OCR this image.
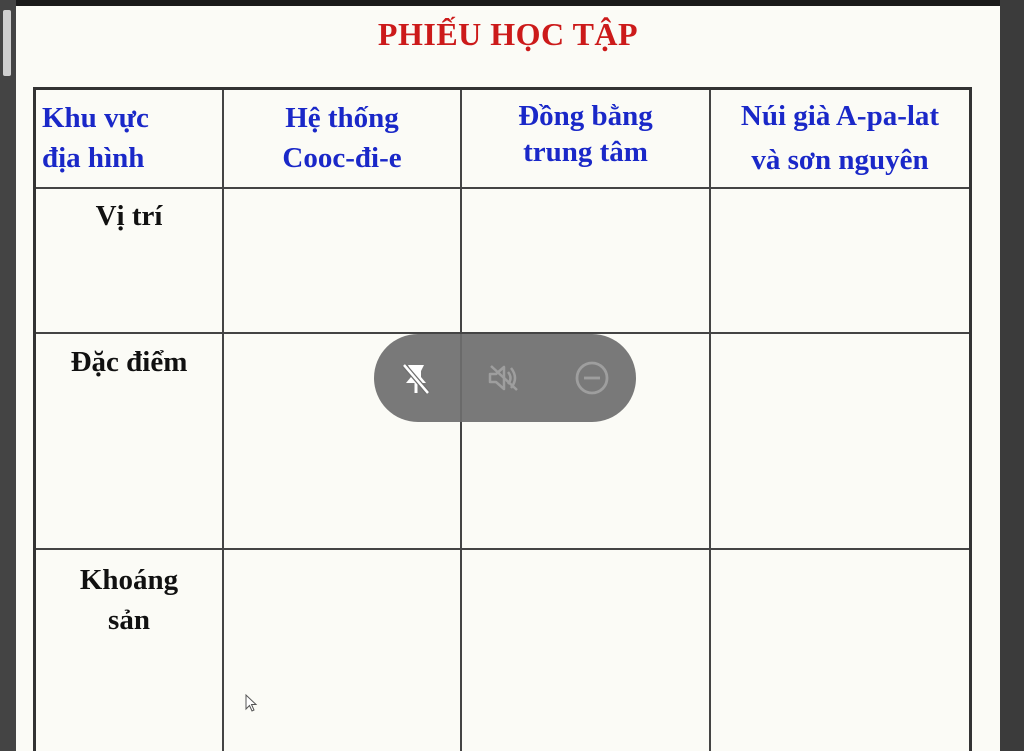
PHIẾU HỌC TẬP
Khu vực
địa hình
Hệ thống
Cooc-đi-e
Đồng bằng
trung tâm
Núi già A-pa-lat
và sơn nguyên
Vị trí
Đặc điểm
Khoáng
sản
